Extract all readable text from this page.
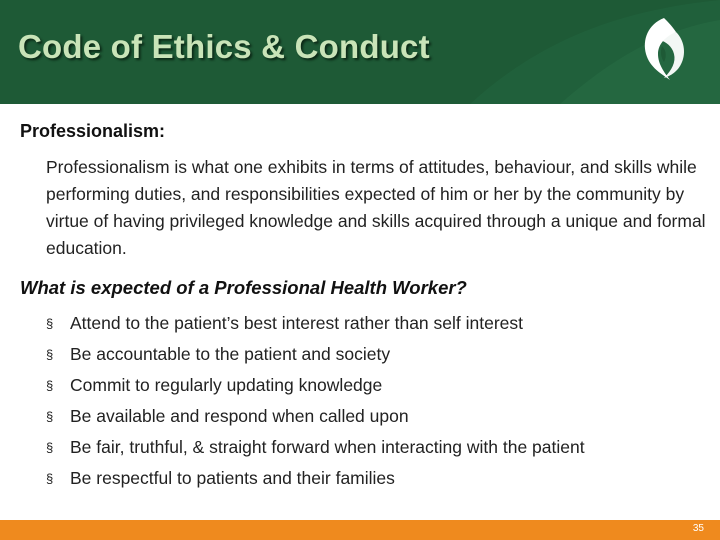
Code of Ethics & Conduct
Professionalism:
Professionalism is what one exhibits in terms of attitudes, behaviour, and skills while performing duties, and responsibilities expected of him or her by the community by virtue of having privileged knowledge and skills acquired through a unique and formal education.
What is expected of a Professional Health Worker?
§ Attend to the patient’s best interest rather than self interest
§ Be accountable to the patient and society
§ Commit to regularly updating knowledge
§ Be available and respond when called upon
§ Be fair, truthful, & straight forward when interacting with the patient
§ Be respectful to patients and their families
35
